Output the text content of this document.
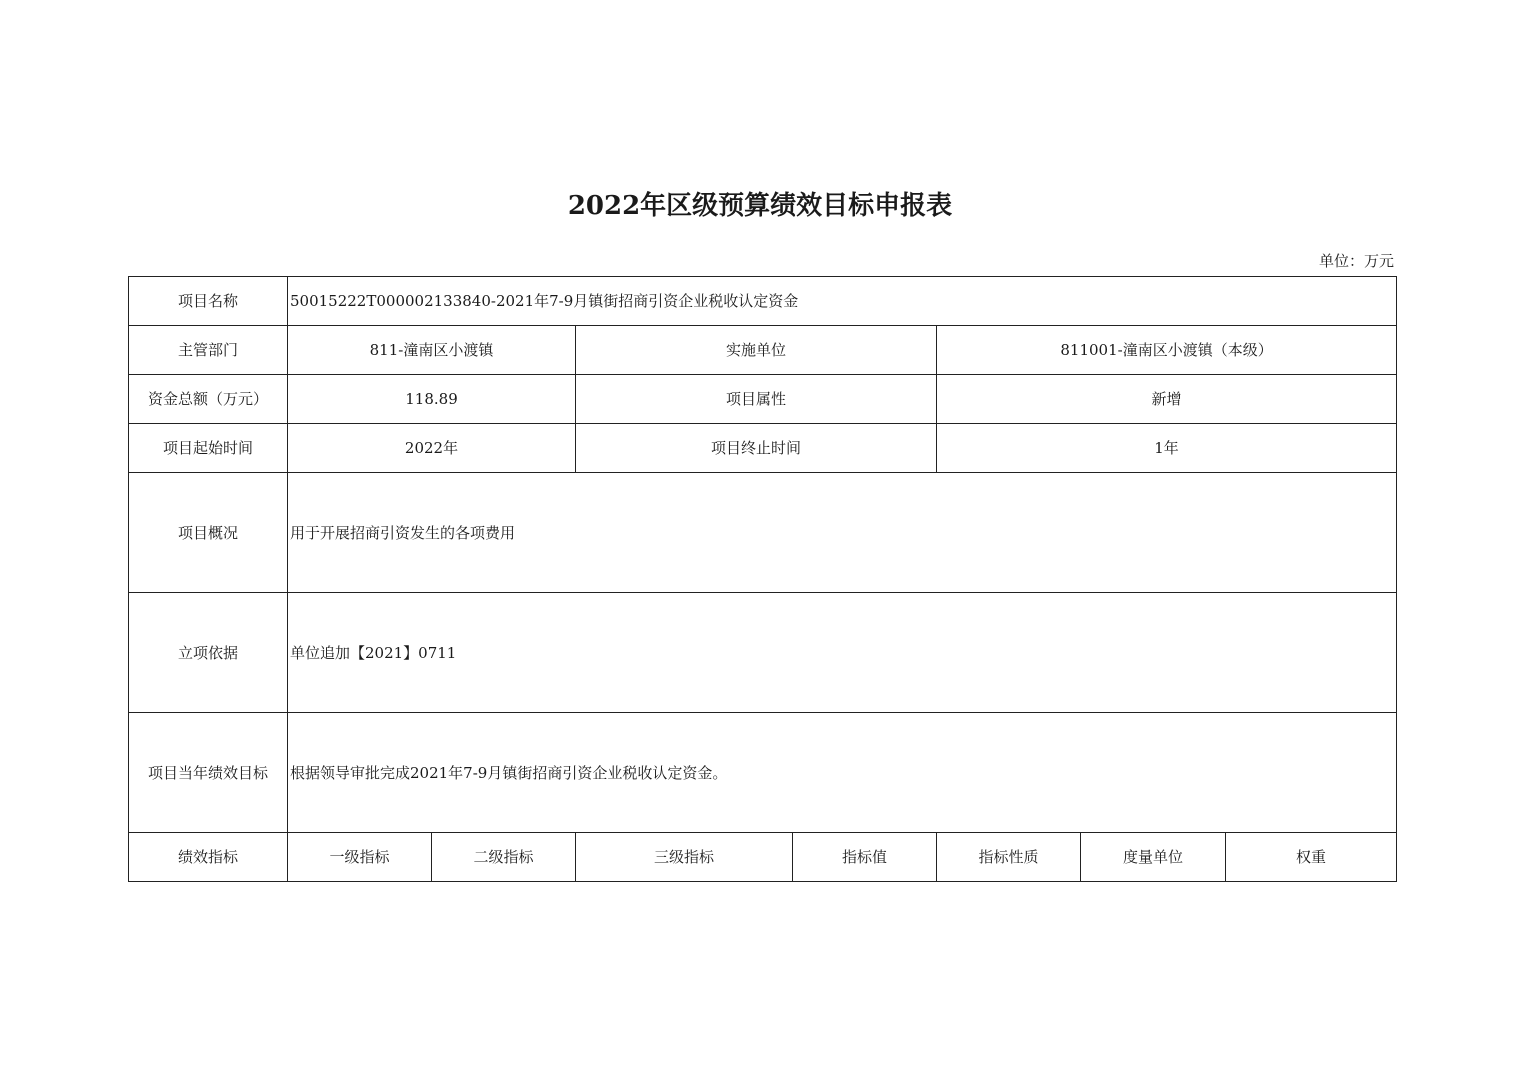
2022年区级预算绩效目标申报表
单位：万元
项目名称	50015222T000002133840-2021年7-9月镇街招商引资企业税收认定资金						
主管部门	811-潼南区小渡镇		实施单位		811001-潼南区小渡镇（本级）		
资金总额（万元）	118.89		项目属性		新增		
项目起始时间	2022年		项目终止时间		1年		
项目概况	用于开展招商引资发生的各项费用						
立项依据	单位追加【2021】0711						
项目当年绩效目标	根据领导审批完成2021年7-9月镇街招商引资企业税收认定资金。						
绩效指标	一级指标	二级指标	三级指标	指标值	指标性质	度量单位	权重
